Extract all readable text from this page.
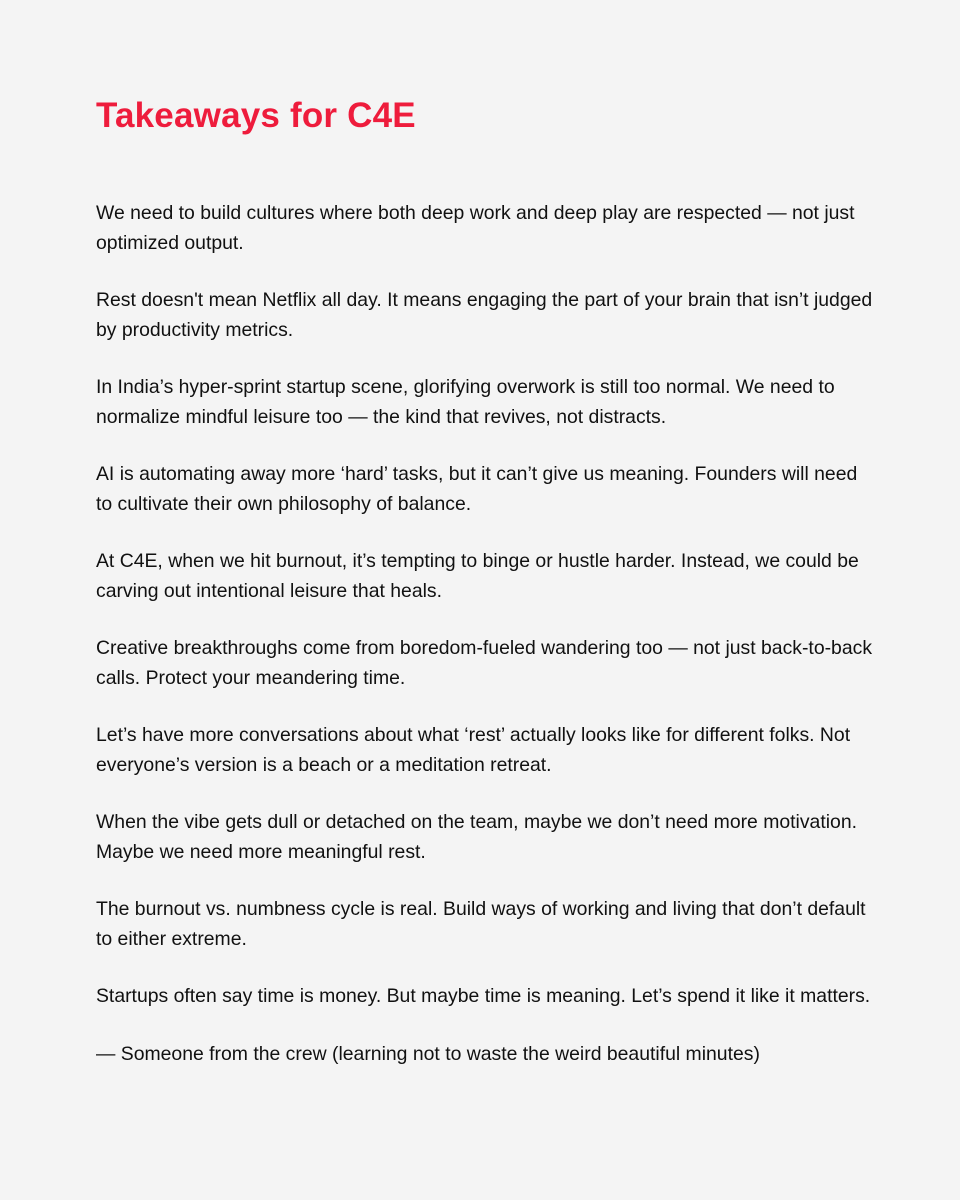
Takeaways for C4E

We need to build cultures where both deep work and deep play are respected — not just optimized output.

Rest doesn't mean Netflix all day. It means engaging the part of your brain that isn’t judged by productivity metrics.

In India’s hyper-sprint startup scene, glorifying overwork is still too normal. We need to normalize mindful leisure too — the kind that revives, not distracts.

AI is automating away more ‘hard’ tasks, but it can’t give us meaning. Founders will need to cultivate their own philosophy of balance.

At C4E, when we hit burnout, it’s tempting to binge or hustle harder. Instead, we could be carving out intentional leisure that heals.

Creative breakthroughs come from boredom-fueled wandering too — not just back-to-back calls. Protect your meandering time.

Let’s have more conversations about what ‘rest’ actually looks like for different folks. Not everyone’s version is a beach or a meditation retreat.

When the vibe gets dull or detached on the team, maybe we don’t need more motivation. Maybe we need more meaningful rest.

The burnout vs. numbness cycle is real. Build ways of working and living that don’t default to either extreme.

Startups often say time is money. But maybe time is meaning. Let’s spend it like it matters.

— Someone from the crew (learning not to waste the weird beautiful minutes)
